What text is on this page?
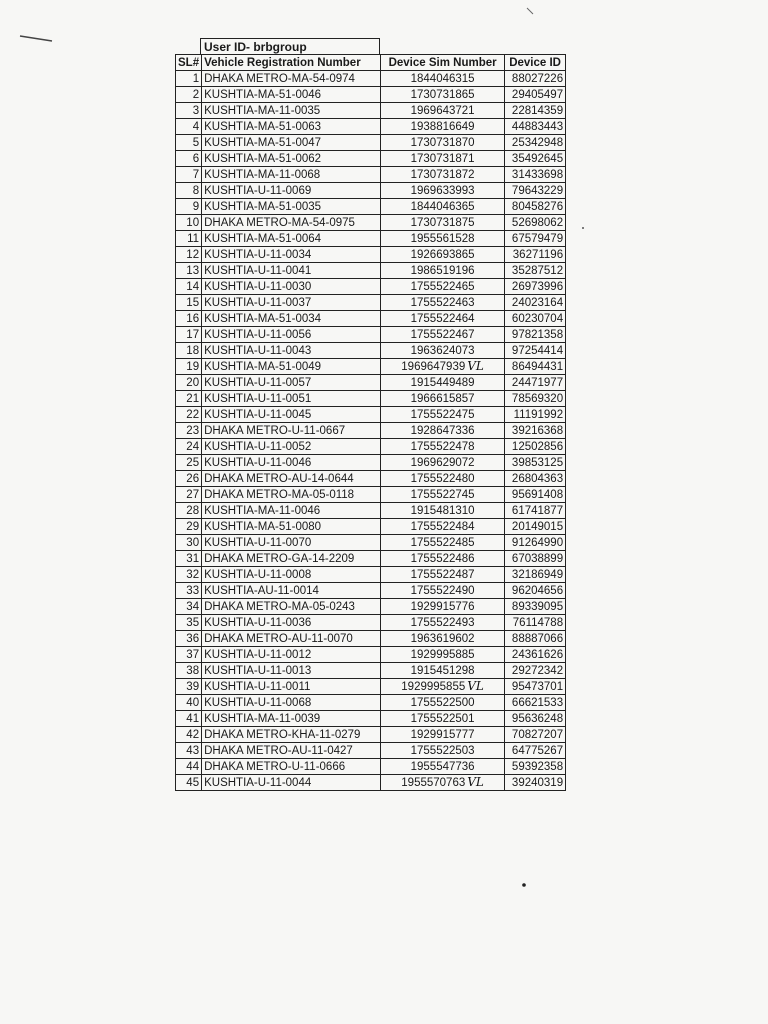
User ID- brbgroup
SL#	Vehicle Registration Number	Device Sim Number	Device ID
1	DHAKA METRO-MA-54-0974	1844046315	88027226
2	KUSHTIA-MA-51-0046	1730731865	29405497
3	KUSHTIA-MA-11-0035	1969643721	22814359
4	KUSHTIA-MA-51-0063	1938816649	44883443
5	KUSHTIA-MA-51-0047	1730731870	25342948
6	KUSHTIA-MA-51-0062	1730731871	35492645
7	KUSHTIA-MA-11-0068	1730731872	31433698
8	KUSHTIA-U-11-0069	1969633993	79643229
9	KUSHTIA-MA-51-0035	1844046365	80458276
10	DHAKA METRO-MA-54-0975	1730731875	52698062
11	KUSHTIA-MA-51-0064	1955561528	67579479
12	KUSHTIA-U-11-0034	1926693865	36271196
13	KUSHTIA-U-11-0041	1986519196	35287512
14	KUSHTIA-U-11-0030	1755522465	26973996
15	KUSHTIA-U-11-0037	1755522463	24023164
16	KUSHTIA-MA-51-0034	1755522464	60230704
17	KUSHTIA-U-11-0056	1755522467	97821358
18	KUSHTIA-U-11-0043	1963624073	97254414
19	KUSHTIA-MA-51-0049	1969647939 VL	86494431
20	KUSHTIA-U-11-0057	1915449489	24471977
21	KUSHTIA-U-11-0051	1966615857	78569320
22	KUSHTIA-U-11-0045	1755522475	11191992
23	DHAKA METRO-U-11-0667	1928647336	39216368
24	KUSHTIA-U-11-0052	1755522478	12502856
25	KUSHTIA-U-11-0046	1969629072	39853125
26	DHAKA METRO-AU-14-0644	1755522480	26804363
27	DHAKA METRO-MA-05-0118	1755522745	95691408
28	KUSHTIA-MA-11-0046	1915481310	61741877
29	KUSHTIA-MA-51-0080	1755522484	20149015
30	KUSHTIA-U-11-0070	1755522485	91264990
31	DHAKA METRO-GA-14-2209	1755522486	67038899
32	KUSHTIA-U-11-0008	1755522487	32186949
33	KUSHTIA-AU-11-0014	1755522490	96204656
34	DHAKA METRO-MA-05-0243	1929915776	89339095
35	KUSHTIA-U-11-0036	1755522493	76114788
36	DHAKA METRO-AU-11-0070	1963619602	88887066
37	KUSHTIA-U-11-0012	1929995885	24361626
38	KUSHTIA-U-11-0013	1915451298	29272342
39	KUSHTIA-U-11-0011	1929995855 VL	95473701
40	KUSHTIA-U-11-0068	1755522500	66621533
41	KUSHTIA-MA-11-0039	1755522501	95636248
42	DHAKA METRO-KHA-11-0279	1929915777	70827207
43	DHAKA METRO-AU-11-0427	1755522503	64775267
44	DHAKA METRO-U-11-0666	1955547736	59392358
45	KUSHTIA-U-11-0044	1955570763 VL	39240319
